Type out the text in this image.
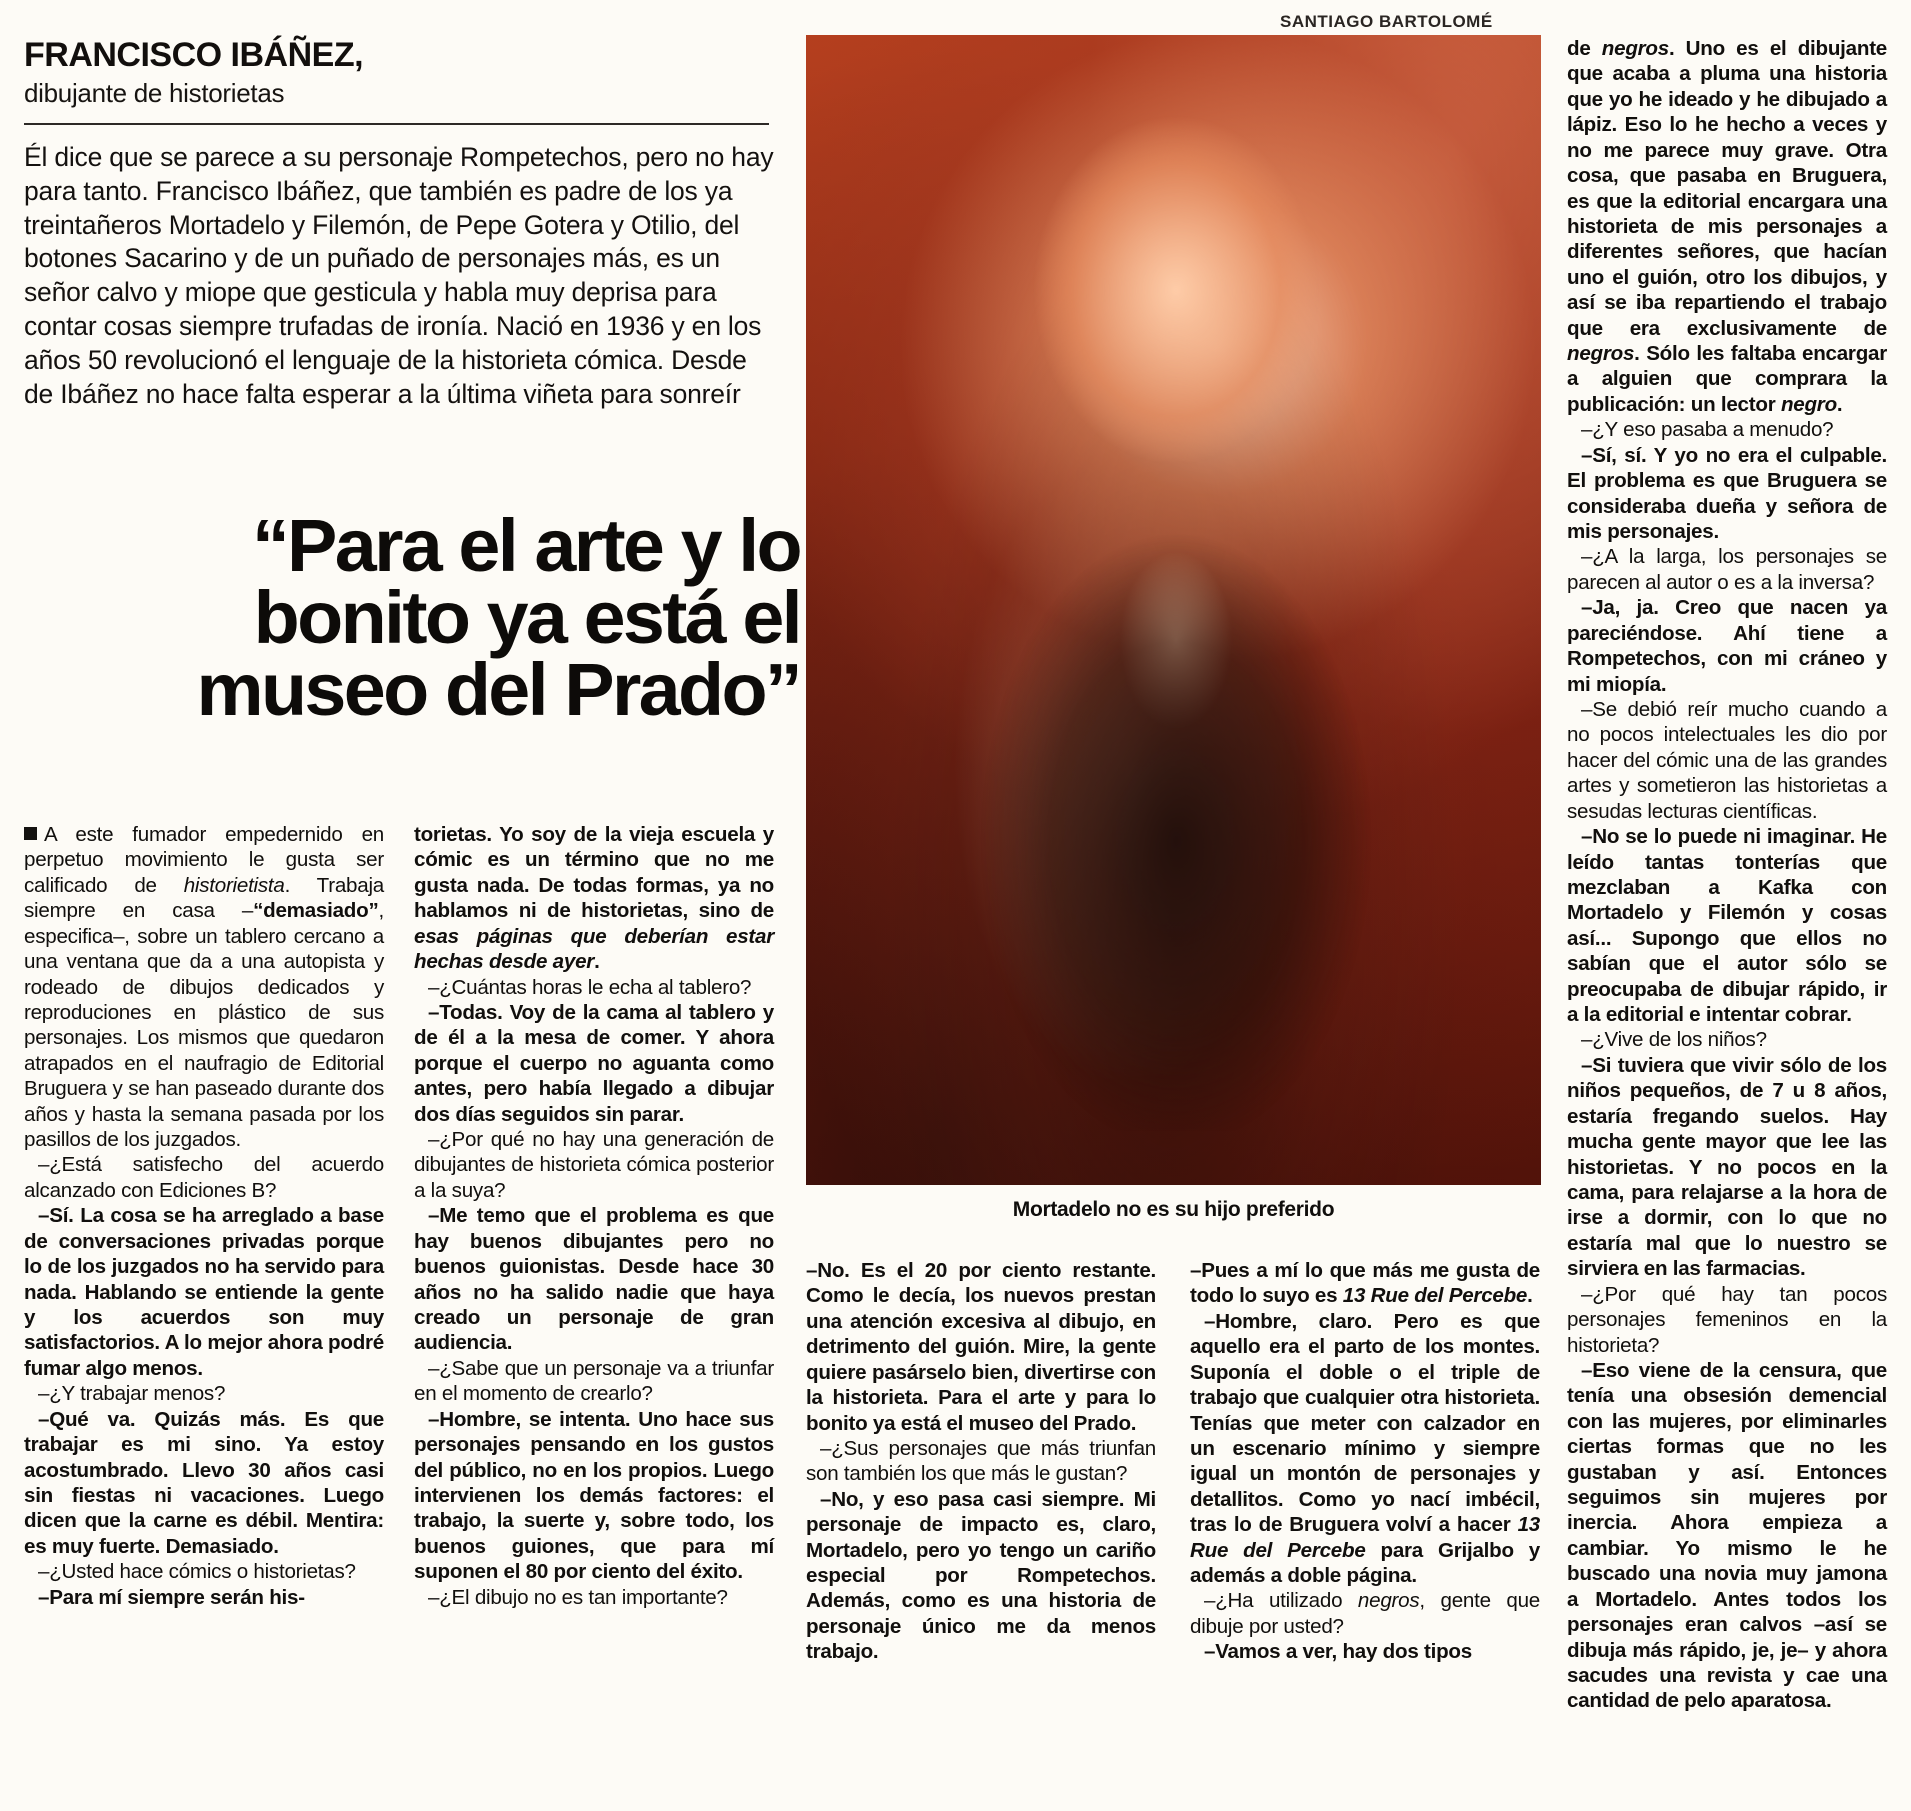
SANTIAGO BARTOLOMÉ
FRANCISCO IBÁÑEZ,
dibujante de historietas
Él dice que se parece a su personaje Rompetechos, pero no hay para tanto. Francisco Ibáñez, que también es padre de los ya treintañeros Mortadelo y Filemón, de Pepe Gotera y Otilio, del botones Sacarino y de un puñado de personajes más, es un señor calvo y miope que gesticula y habla muy deprisa para contar cosas siempre trufadas de ironía. Nació en 1936 y en los años 50 revolucionó el lenguaje de la historieta cómica. Desde de Ibáñez no hace falta esperar a la última viñeta para sonreír
“Para el arte y lo bonito ya está el museo del Prado”
Mortadelo no es su hijo preferido

A este fumador empedernido en perpetuo movimiento le gusta ser calificado de historietista. Trabaja siempre en casa –“demasiado”, especifica–, sobre un tablero cercano a una ventana que da a una autopista y rodeado de dibujos dedicados y reproduciones en plástico de sus personajes. Los mismos que quedaron atrapados en el naufragio de Editorial Bruguera y se han paseado durante dos años y hasta la semana pasada por los pasillos de los juzgados.

–¿Está satisfecho del acuerdo alcanzado con Ediciones B?

–Sí. La cosa se ha arreglado a base de conversaciones privadas porque lo de los juzgados no ha servido para nada. Hablando se entiende la gente y los acuerdos son muy satisfactorios. A lo mejor ahora podré fumar algo menos.

–¿Y trabajar menos?

–Qué va. Quizás más. Es que trabajar es mi sino. Ya estoy acostumbrado. Llevo 30 años casi sin fiestas ni vacaciones. Luego dicen que la carne es débil. Mentira: es muy fuerte. Demasiado.

–¿Usted hace cómics o historietas?

–Para mí siempre serán his-

torietas. Yo soy de la vieja escuela y cómic es un término que no me gusta nada. De todas formas, ya no hablamos ni de historietas, sino de esas páginas que deberían estar hechas desde ayer.

–¿Cuántas horas le echa al tablero?

–Todas. Voy de la cama al tablero y de él a la mesa de comer. Y ahora porque el cuerpo no aguanta como antes, pero había llegado a dibujar dos días seguidos sin parar.

–¿Por qué no hay una generación de dibujantes de historieta cómica posterior a la suya?

–Me temo que el problema es que hay buenos dibujantes pero no buenos guionistas. Desde hace 30 años no ha salido nadie que haya creado un personaje de gran audiencia.

–¿Sabe que un personaje va a triunfar en el momento de crearlo?

–Hombre, se intenta. Uno hace sus personajes pensando en los gustos del público, no en los propios. Luego intervienen los demás factores: el trabajo, la suerte y, sobre todo, los buenos guiones, que para mí suponen el 80 por ciento del éxito.

–¿El dibujo no es tan importante?

–No. Es el 20 por ciento restante. Como le decía, los nuevos prestan una atención excesiva al dibujo, en detrimento del guión. Mire, la gente quiere pasárselo bien, divertirse con la historieta. Para el arte y para lo bonito ya está el museo del Prado.

–¿Sus personajes que más triunfan son también los que más le gustan?

–No, y eso pasa casi siempre. Mi personaje de impacto es, claro, Mortadelo, pero yo tengo un cariño especial por Rompetechos. Además, como es una historia de personaje único me da menos trabajo.

–Pues a mí lo que más me gusta de todo lo suyo es 13 Rue del Percebe.

–Hombre, claro. Pero es que aquello era el parto de los montes. Suponía el doble o el triple de trabajo que cualquier otra historieta. Tenías que meter con calzador en un escenario mínimo y siempre igual un montón de personajes y detallitos. Como yo nací imbécil, tras lo de Bruguera volví a hacer 13 Rue del Percebe para Grijalbo y además a doble página.

–¿Ha utilizado negros, gente que dibuje por usted?

–Vamos a ver, hay dos tipos

de negros. Uno es el dibujante que acaba a pluma una historia que yo he ideado y he dibujado a lápiz. Eso lo he hecho a veces y no me parece muy grave. Otra cosa, que pasaba en Bruguera, es que la editorial encargara una historieta de mis personajes a diferentes señores, que hacían uno el guión, otro los dibujos, y así se iba repartiendo el trabajo que era exclusivamente de negros. Sólo les faltaba encargar a alguien que comprara la publicación: un lector negro.

–¿Y eso pasaba a menudo?

–Sí, sí. Y yo no era el culpable. El problema es que Bruguera se consideraba dueña y señora de mis personajes.

–¿A la larga, los personajes se parecen al autor o es a la inversa?

–Ja, ja. Creo que nacen ya pareciéndose. Ahí tiene a Rompetechos, con mi cráneo y mi miopía.

–Se debió reír mucho cuando a no pocos intelectuales les dio por hacer del cómic una de las grandes artes y sometieron las historietas a sesudas lecturas científicas.

–No se lo puede ni imaginar. He leído tantas tonterías que mezclaban a Kafka con Mortadelo y Filemón y cosas así... Supongo que ellos no sabían que el autor sólo se preocupaba de dibujar rápido, ir a la editorial e intentar cobrar.

–¿Vive de los niños?

–Si tuviera que vivir sólo de los niños pequeños, de 7 u 8 años, estaría fregando suelos. Hay mucha gente mayor que lee las historietas. Y no pocos en la cama, para relajarse a la hora de irse a dormir, con lo que no estaría mal que lo nuestro se sirviera en las farmacias.

–¿Por qué hay tan pocos personajes femeninos en la historieta?

–Eso viene de la censura, que tenía una obsesión demencial con las mujeres, por eliminarles ciertas formas que no les gustaban y así. Entonces seguimos sin mujeres por inercia. Ahora empieza a cambiar. Yo mismo le he buscado una novia muy jamona a Mortadelo. Antes todos los personajes eran calvos –así se dibuja más rápido, je, je– y ahora sacudes una revista y cae una cantidad de pelo aparatosa.
